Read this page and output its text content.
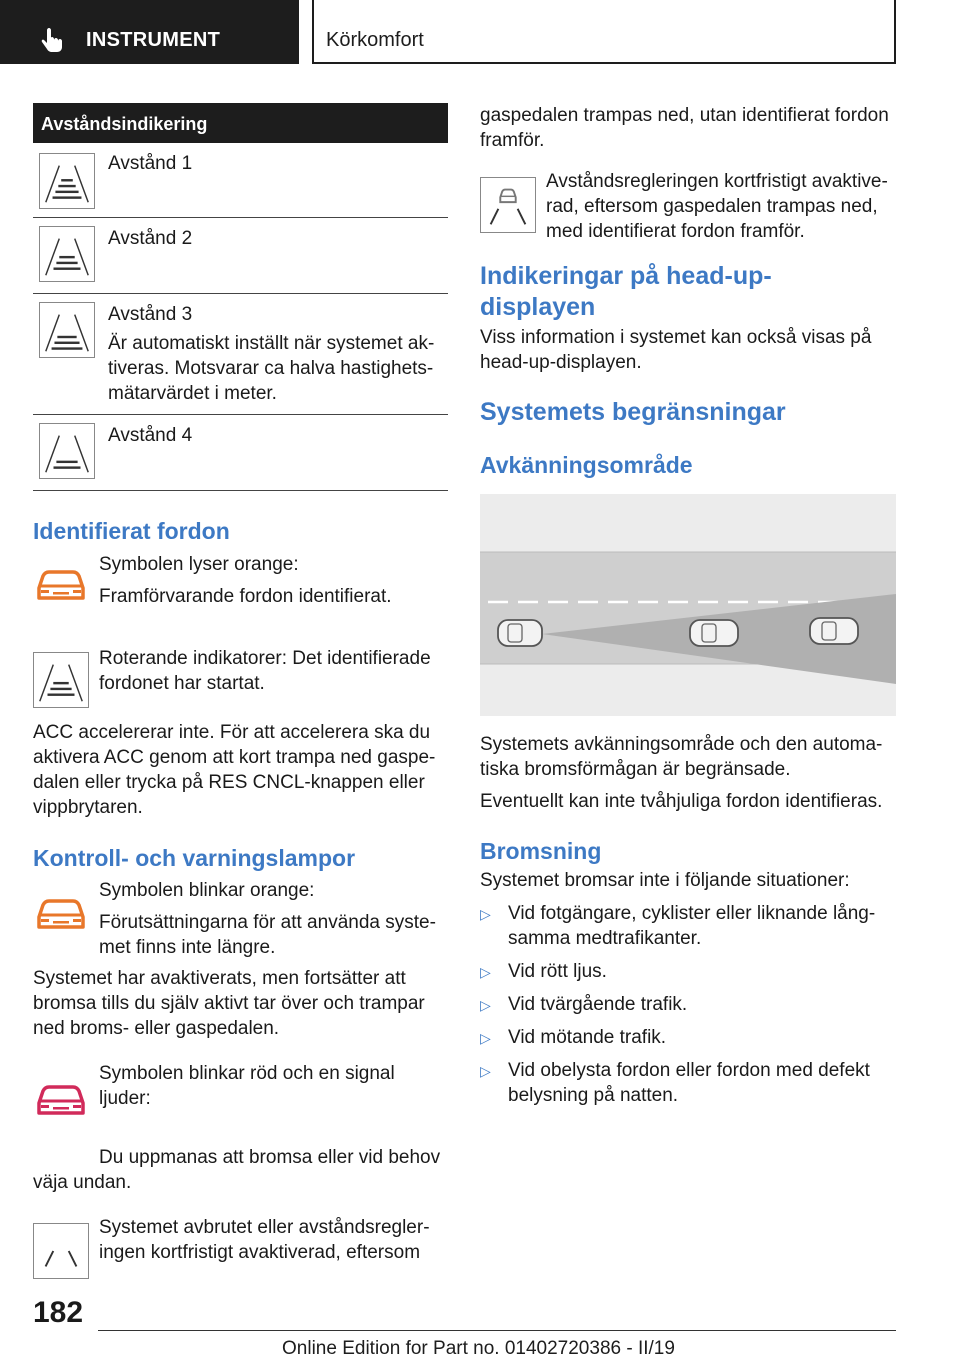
INSTRUMENT	Körkomfort
Avståndsindikering

Avstånd 1

Avstånd 2

Avstånd 3

Är automatiskt inställt när systemet ak-tiveras. Motsvarar ca halva hastighets-mätarvärdet i meter.

Avstånd 4

Identifierat fordon

Symbolen lyser orange:

Framförvarande fordon identifierat.

Roterande indikatorer: Det identifierade fordonet har startat.

ACC accelererar inte. För att accelerera ska du aktivera ACC genom att kort trampa ned gaspe-dalen eller trycka på RES CNCL-knappen eller vippbrytaren.

Kontroll- och varningslampor

Symbolen blinkar orange:

Förutsättningarna för att använda syste-met finns inte längre.

Systemet har avaktiverats, men fortsätter att bromsa tills du själv aktivt tar över och trampar ned broms- eller gaspedalen.

Symbolen blinkar röd och en signal ljuder:

Du uppmanas att bromsa eller vid behov väja undan.

Systemet avbrutet eller avståndsregler-ingen kortfristigt avaktiverad, eftersom

gaspedalen trampas ned, utan identifierat fordon framför.

Avståndsregleringen kortfristigt avaktive-rad, eftersom gaspedalen trampas ned, med identifierat fordon framför.

Indikeringar på head-up-displayen

Viss information i systemet kan också visas på head-up-displayen.

Systemets begränsningar
Avkänningsområde

Systemets avkänningsområde och den automa-tiska bromsförmågan är begränsade.

Eventuellt kan inte tvåhjuliga fordon identifieras.

Bromsning

Systemet bromsar inte i följande situationer:

▷ Vid fotgängare, cyklister eller liknande lång-samma medtrafikanter.
▷ Vid rött ljus.
▷ Vid tvärgående trafik.
▷ Vid mötande trafik.
▷ Vid obelysta fordon eller fordon med defekt belysning på natten.
182
Online Edition for Part no. 01402720386 - II/19
